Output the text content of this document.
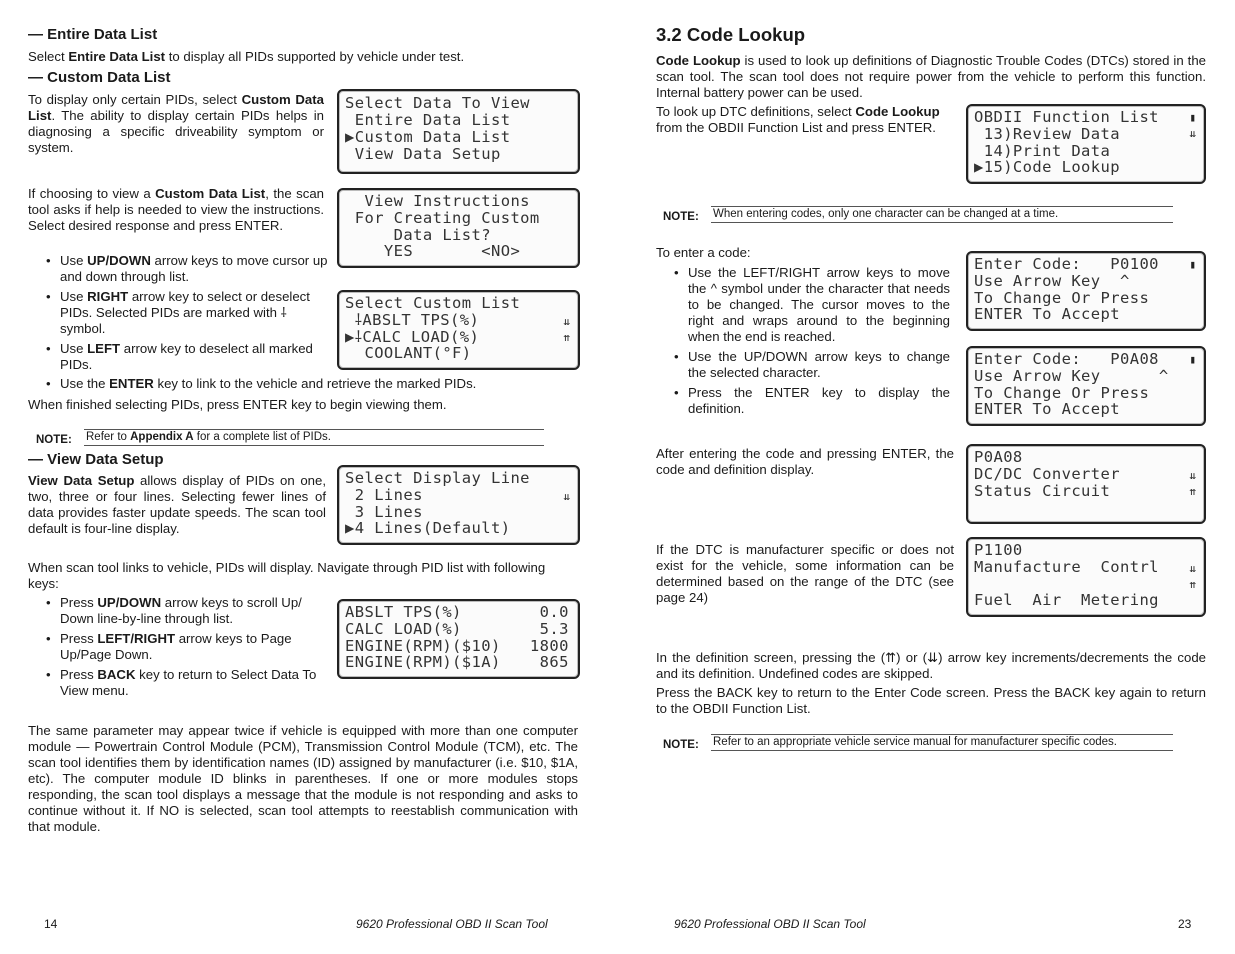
— Entire Data List

Select Entire Data List to display all PIDs supported by vehicle under test.

— Custom Data List

To display only certain PIDs, select Custom Data List. The ability to display certain PIDs helps in diagnosing a specific driveability symptom or system.

If choosing to view a Custom Data List, the scan tool asks if help is needed to view the instructions. Select desired response and press ENTER.

• Use UP/DOWN arrow keys to move cursor up and down through list.
• Use RIGHT arrow key to select or deselect PIDs. Selected PIDs are marked with ⸸ symbol.
• Use LEFT arrow key to deselect all marked PIDs.
• Use the ENTER key to link to the vehicle and retrieve the marked PIDs.

When finished selecting PIDs, press ENTER key to begin viewing them.

NOTE: Refer to Appendix A for a complete list of PIDs.
— View Data Setup

View Data Setup allows display of PIDs on one, two, three or four lines. Selecting fewer lines of data provides faster update speeds. The scan tool default is four-line display.

When scan tool links to vehicle, PIDs will display. Navigate through PID list with following keys:

• Press UP/DOWN arrow keys to scroll Up/ Down line-by-line through list.
• Press LEFT/RIGHT arrow keys to Page Up/Page Down.
• Press BACK key to return to Select Data To View menu.

The same parameter may appear twice if vehicle is equipped with more than one computer module — Powertrain Control Module (PCM), Transmission Control Module (TCM), etc. The scan tool identifies them by identification names (ID) assigned by manufacturer (i.e. $10, $1A, etc). The computer module ID blinks in parentheses. If one or more modules stops responding, the scan tool displays a message that the module is not responding and asks to continue without it. If NO is selected, scan tool attempts to reestablish communication with that module.

Select Data To View
Entire Data List
▶Custom Data List
View Data Setup
View Instructions
For Creating Custom
Data List?
YES       <NO>
Select Custom List
⸸ABSLT TPS(%)
▶⸸CALC LOAD(%)
COOLANT(°F)
⇊
⇈
Select Display Line
2 Lines
3 Lines
▶4 Lines(Default)
⇊
ABSLT TPS(%)        0.0
CALC LOAD(%)        5.3
ENGINE(RPM)($10)   1800
ENGINE(RPM)($1A)    865
14	9620 Professional OBD II Scan Tool
3.2 Code Lookup

Code Lookup is used to look up definitions of Diagnostic Trouble Codes (DTCs) stored in the scan tool. The scan tool does not require power from the vehicle to perform this function. Internal battery power can be used.

To look up DTC definitions, select Code Lookup from the OBDII Function List and press ENTER.

NOTE: When entering codes, only one character can be changed at a time.

To enter a code:

• Use the LEFT/RIGHT arrow keys to move the ^ symbol under the character that needs to be changed. The cursor moves to the right and wraps around to the beginning when the end is reached.
• Use the UP/DOWN arrow keys to change the selected character.
• Press the ENTER key to display the definition.

After entering the code and pressing ENTER, the code and definition display.

If the DTC is manufacturer specific or does not exist for the vehicle, some information can be determined based on the range of the DTC (see page 24)

In the definition screen, pressing the (⇈) or (⇊) arrow key increments/decrements the code and its definition. Undefined codes are skipped.

Press the BACK key to return to the Enter Code screen. Press the BACK key again to return to the OBDII Function List.

NOTE: Refer to an appropriate vehicle service manual for manufacturer specific codes.
OBDII Function List
13)Review Data
14)Print Data
▶15)Code Lookup
▮
⇊
Enter Code:   P0100
Use Arrow Key  ^
To Change Or Press
ENTER To Accept
▮
Enter Code:   P0A08
Use Arrow Key      ^
To Change Or Press
ENTER To Accept
▮
P0A08
DC/DC Converter
Status Circuit
⇊
⇈
P1100
Manufacture  Contrl
Fuel  Air  Metering
⇊
⇈
9620 Professional OBD II Scan Tool	23
